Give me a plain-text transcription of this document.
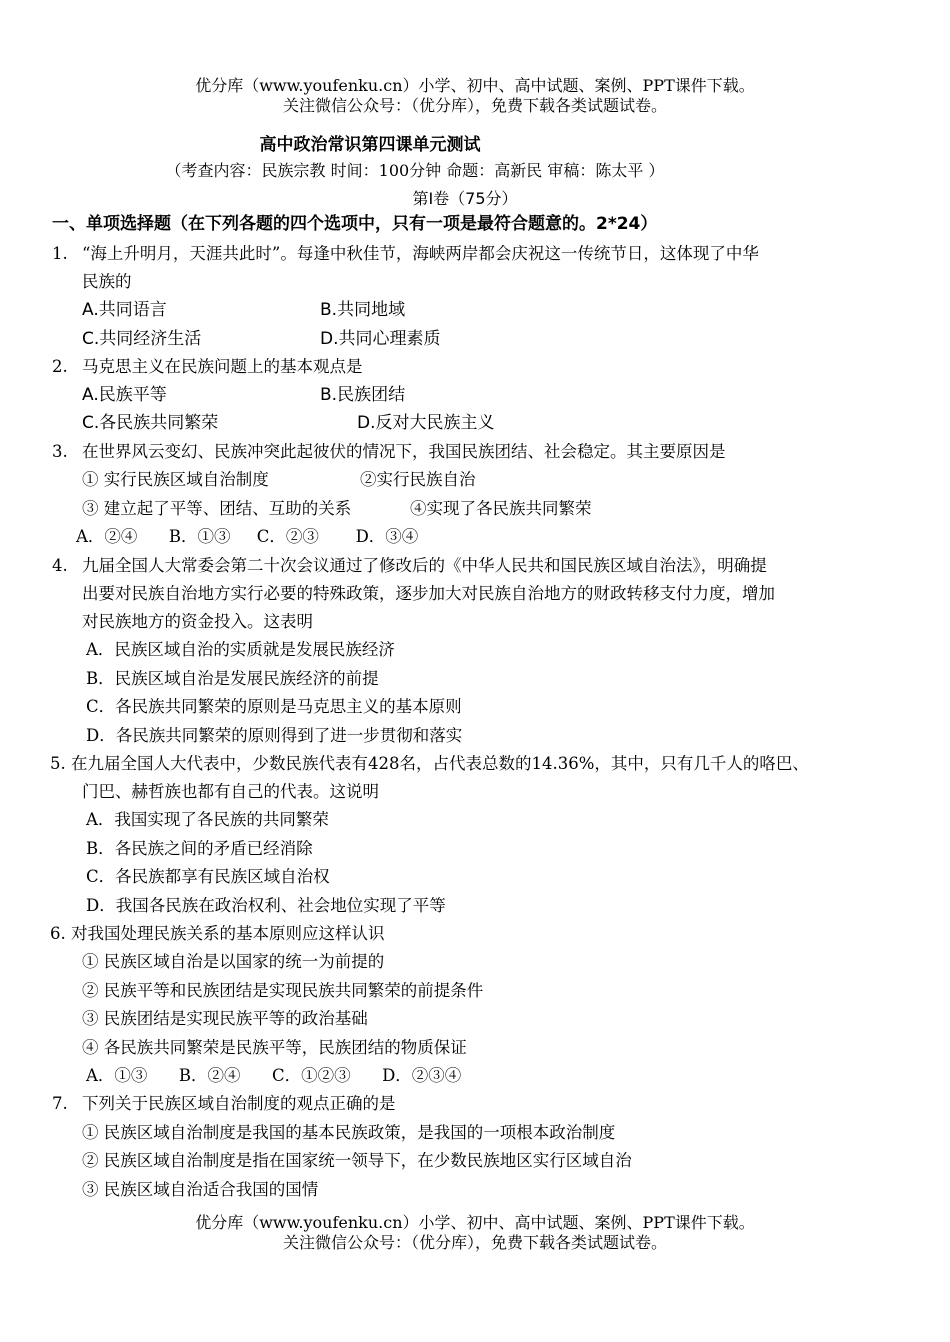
优分库（www.youfenku.cn）小学、初中、高中试题、案例、PPT课件下载。
关注微信公众号：（优分库），免费下载各类试题试卷。
高中政治常识第四课单元测试
（考查内容：民族宗教 时间：100分钟 命题：高新民 审稿：陈太平 ）
第Ⅰ卷（75分）
一、单项选择题（在下列各题的四个选项中，只有一项是最符合题意的。2*24）
1. “海上升明月，天涯共此时”。每逢中秋佳节，海峡两岸都会庆祝这一传统节日，这体现了中华
民族的
A.共同语言	B.共同地域
C.共同经济生活	D.共同心理素质
2. 马克思主义在民族问题上的基本观点是
A.民族平等	B.民族团结
C.各民族共同繁荣	D.反对大民族主义
3. 在世界风云变幻、民族冲突此起彼伏的情况下，我国民族团结、社会稳定。其主要原因是
① 实行民族区域自治制度	②实行民族自治
③ 建立起了平等、团结、互助的关系	④实现了各民族共同繁荣
A．②④      B．①③     C．②③       D．③④
4. 九届全国人大常委会第二十次会议通过了修改后的《中华人民共和国民族区域自治法》，明确提
出要对民族自治地方实行必要的特殊政策，逐步加大对民族自治地方的财政转移支付力度，增加
对民族地方的资金投入。这表明
A．民族区域自治的实质就是发展民族经济
B．民族区域自治是发展民族经济的前提
C．各民族共同繁荣的原则是马克思主义的基本原则
D．各民族共同繁荣的原则得到了进一步贯彻和落实
5. 在九届全国人大代表中，少数民族代表有428名，占代表总数的14.36%，其中，只有几千人的咯巴、
门巴、赫哲族也都有自己的代表。这说明
A．我国实现了各民族的共同繁荣
B．各民族之间的矛盾已经消除
C．各民族都享有民族区域自治权
D．我国各民族在政治权利、社会地位实现了平等
6. 对我国处理民族关系的基本原则应这样认识
① 民族区域自治是以国家的统一为前提的
② 民族平等和民族团结是实现民族共同繁荣的前提条件
③ 民族团结是实现民族平等的政治基础
④ 各民族共同繁荣是民族平等，民族团结的物质保证
A．①③      B．②④      C．①②③      D．②③④
7. 下列关于民族区域自治制度的观点正确的是
① 民族区域自治制度是我国的基本民族政策，是我国的一项根本政治制度
② 民族区域自治制度是指在国家统一领导下，在少数民族地区实行区域自治
③ 民族区域自治适合我国的国情
优分库（www.youfenku.cn）小学、初中、高中试题、案例、PPT课件下载。
关注微信公众号：（优分库），免费下载各类试题试卷。
